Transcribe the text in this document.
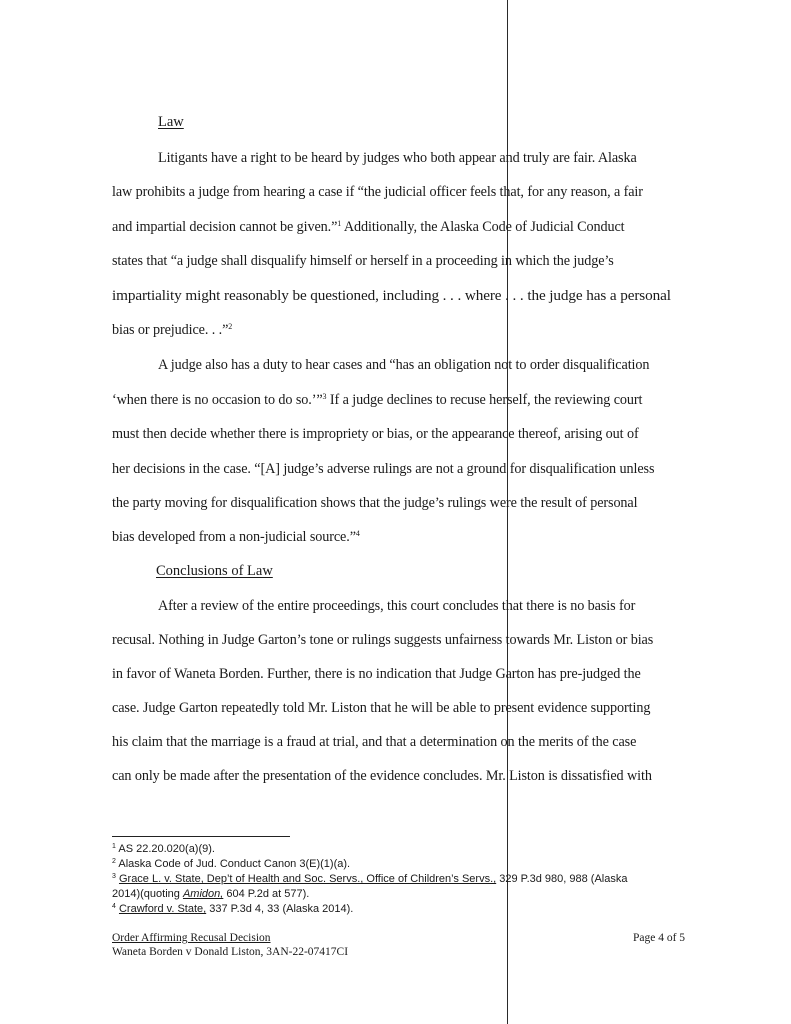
Law
Litigants have a right to be heard by judges who both appear and truly are fair. Alaska
law prohibits a judge from hearing a case if “the judicial officer feels that, for any reason, a fair
and impartial decision cannot be given.”$^1$ Additionally, the Alaska Code of Judicial Conduct
states that “a judge shall disqualify himself or herself in a proceeding in which the judge’s
impartiality might reasonably be questioned, including . . . where . . . the judge has a personal
bias or prejudice. . .”$^2$
A judge also has a duty to hear cases and “has an obligation not to order disqualification
‘when there is no occasion to do so.’”$^3$ If a judge declines to recuse herself, the reviewing court
must then decide whether there is impropriety or bias, or the appearance thereof, arising out of
her decisions in the case. “[A] judge’s adverse rulings are not a ground for disqualification unless
the party moving for disqualification shows that the judge’s rulings were the result of personal
bias developed from a non-judicial source.”$^4$
Conclusions of Law
After a review of the entire proceedings, this court concludes that there is no basis for
recusal. Nothing in Judge Garton’s tone or rulings suggests unfairness towards Mr. Liston or bias
in favor of Waneta Borden. Further, there is no indication that Judge Garton has pre-judged the
case. Judge Garton repeatedly told Mr. Liston that he will be able to present evidence supporting
his claim that the marriage is a fraud at trial, and that a determination on the merits of the case
can only be made after the presentation of the evidence concludes. Mr. Liston is dissatisfied with
$^1$ AS 22.20.020(a)(9).
$^2$ Alaska Code of Jud. Conduct Canon 3(E)(1)(a).
$^3$ Grace L. v. State, Dep’t of Health and Soc. Servs., Office of Children’s Servs., 329 P.3d 980, 988 (Alaska
2014)(quoting Amidon, 604 P.2d at 577).
$^4$ Crawford v. State, 337 P.3d 4, 33 (Alaska 2014).
Order Affirming Recusal Decision
Waneta Borden v Donald Liston, 3AN-22-07417CI
Page 4 of 5
